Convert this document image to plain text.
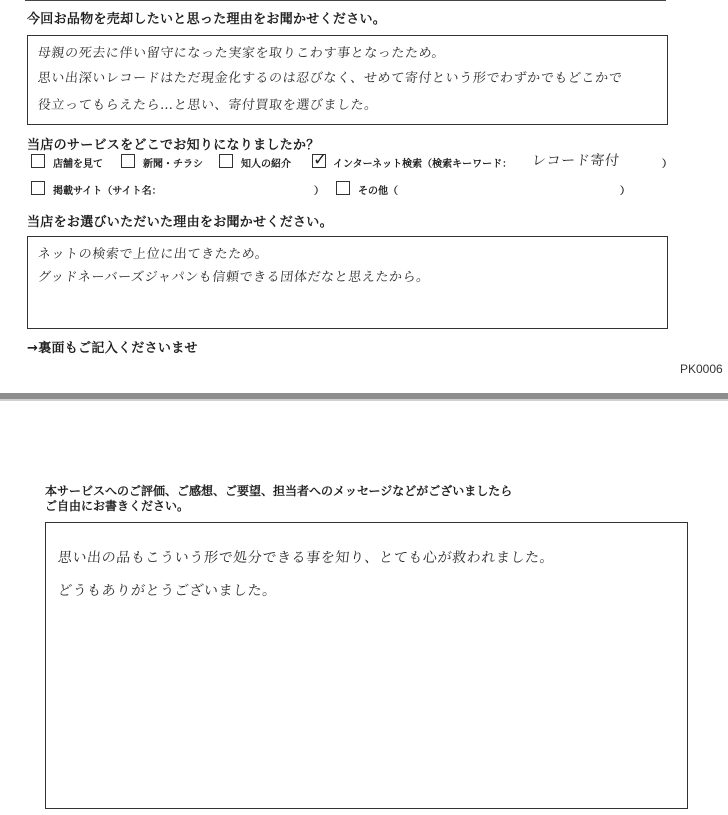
今回お品物を売却したいと思った理由をお聞かせください。
母親の死去に伴い留守になった実家を取りこわす事となったため。
思い出深いレコードはただ現金化するのは忍びなく、せめて寄付という形でわずかでもどこかで
役立ってもらえたら…と思い、寄付買取を選びました。
当店のサービスをどこでお知りになりましたか？
店舗を見て	新聞・チラシ	知人の紹介 ✓ インターネット検索（検索キーワード： レコード寄付	）
掲載サイト（サイト名：	）	その他（	）
当店をお選びいただいた理由をお聞かせください。
ネットの検索で上位に出てきたため。
グッドネーバーズジャパンも信頼できる団体だなと思えたから。
→裏面もご記入くださいませ
PK0006
本サービスへのご評価、ご感想、ご要望、担当者へのメッセージなどがございましたら
ご自由にお書きください。
思い出の品もこういう形で処分できる事を知り、とても心が救われました。
どうもありがとうございました。
